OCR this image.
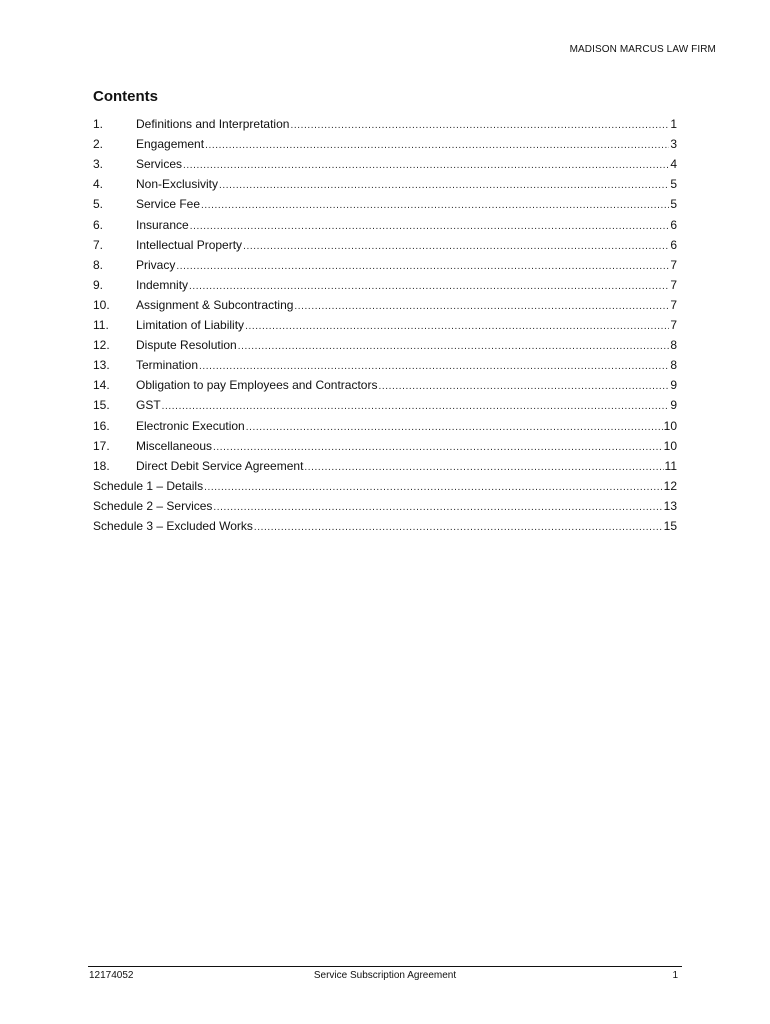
MADISON MARCUS LAW FIRM
Contents
1.	Definitions and Interpretation .....	1
2.	Engagement .....	3
3.	Services .....	4
4.	Non-Exclusivity .....	5
5.	Service Fee .....	5
6.	Insurance .....	6
7.	Intellectual Property .....	6
8.	Privacy .....	7
9.	Indemnity .....	7
10.	Assignment & Subcontracting .....	7
11.	Limitation of Liability .....	7
12.	Dispute Resolution .....	8
13.	Termination .....	8
14.	Obligation to pay Employees and Contractors .....	9
15.	GST .....	9
16.	Electronic Execution .....	10
17.	Miscellaneous .....	10
18.	Direct Debit Service Agreement .....	11
Schedule 1 – Details .....	12
Schedule 2 – Services .....	13
Schedule 3 – Excluded Works .....	15
12174052	Service Subscription Agreement	1
